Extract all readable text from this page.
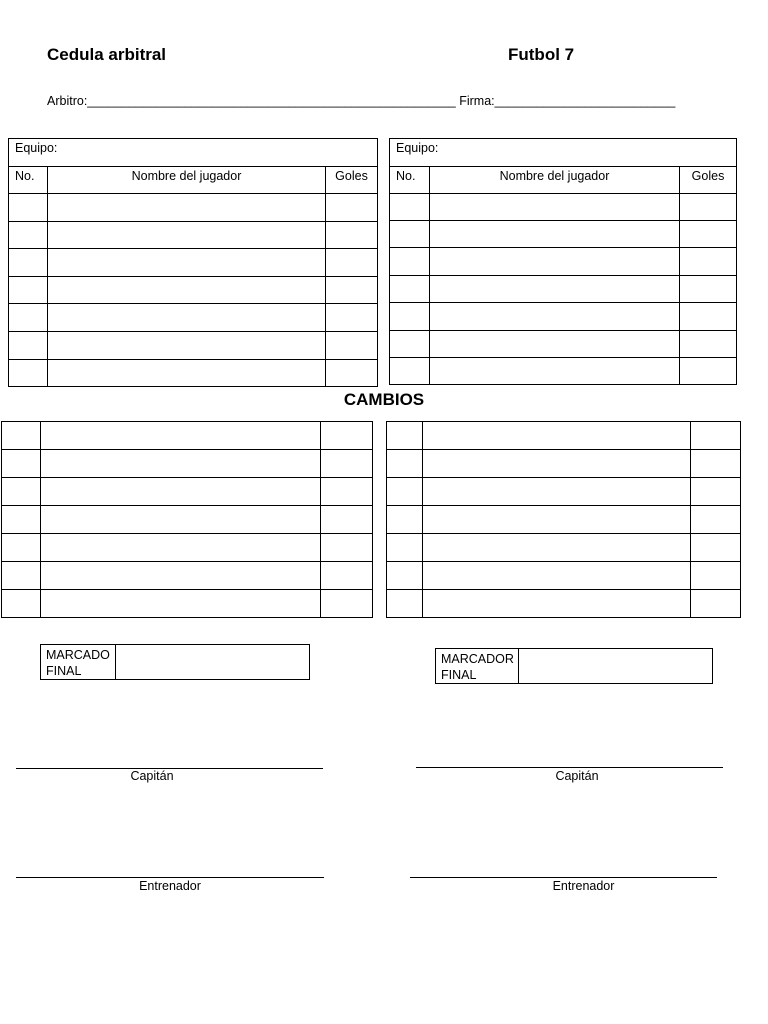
Cedula arbitral	Futbol 7
Arbitro:_____________________________________________________ Firma:__________________________
Equipo:		
No.	Nombre del jugador	Goles

Equipo:		
No.	Nombre del jugador	Goles

CAMBIOS

MARCADO FINAL

MARCADOR FINAL

Capitán	Capitán
Entrenador	Entrenador
